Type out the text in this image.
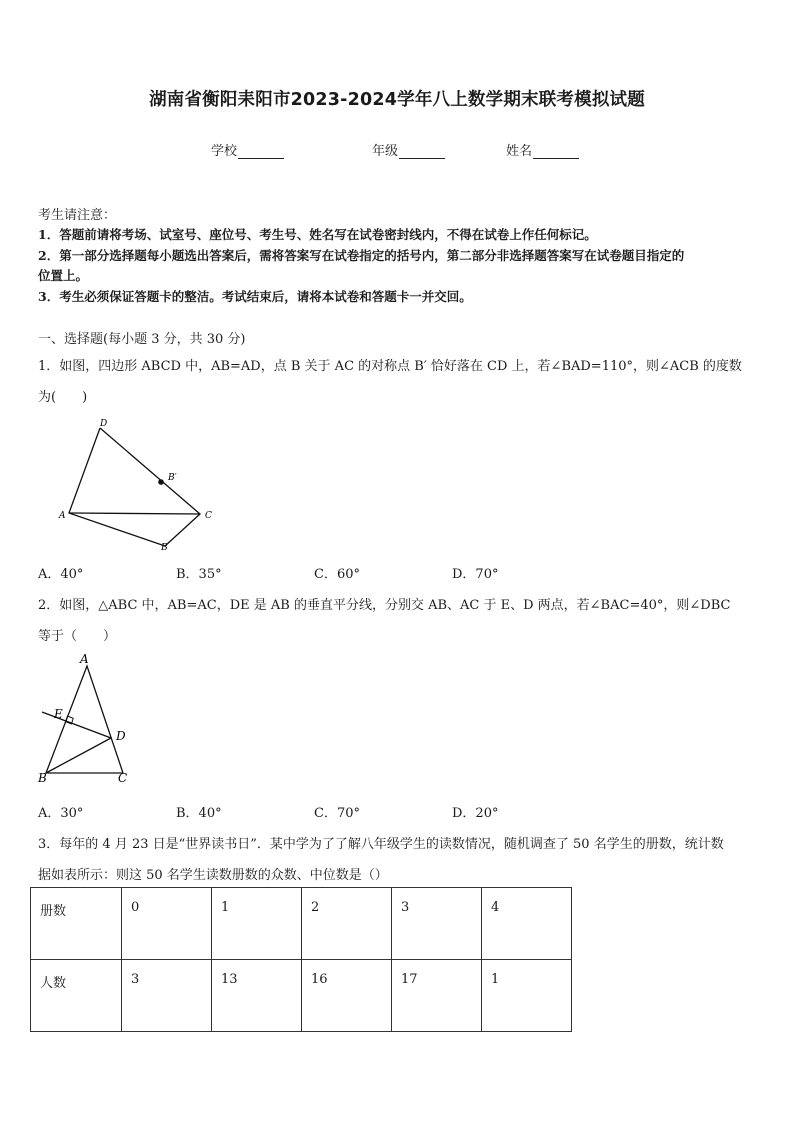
湖南省衡阳耒阳市2023-2024学年八上数学期末联考模拟试题
学校	年级	姓名
考生请注意：
1．答题前请将考场、试室号、座位号、考生号、姓名写在试卷密封线内，不得在试卷上作任何标记。
2．第一部分选择题每小题选出答案后，需将答案写在试卷指定的括号内，第二部分非选择题答案写在试卷题目指定的
位置上。
3．考生必须保证答题卡的整洁。考试结束后，请将本试卷和答题卡一并交回。
一、选择题(每小题 3 分，共 30 分)
1．如图，四边形 ABCD 中，AB=AD，点 B 关于 AC 的对称点 B′ 恰好落在 CD 上，若∠BAD=110°，则∠ACB 的度数
为(　　)
D
B′
A	C
B
A．40°	B．35°	C．60°	D．70°
2．如图，△ABC 中，AB=AC，DE 是 AB 的垂直平分线，分别交 AB、AC 于 E、D 两点，若∠BAC=40°，则∠DBC
等于（　　）
A
E
D
B	C
A．30°	B．40°	C．70°	D．20°
3．每年的 4 月 23 日是“世界读书日”．某中学为了了解八年级学生的读数情况，随机调查了 50 名学生的册数，统计数
据如表所示：则这 50 名学生读数册数的众数、中位数是（）
册数	0	1	2	3	4
人数	3	13	16	17	1
